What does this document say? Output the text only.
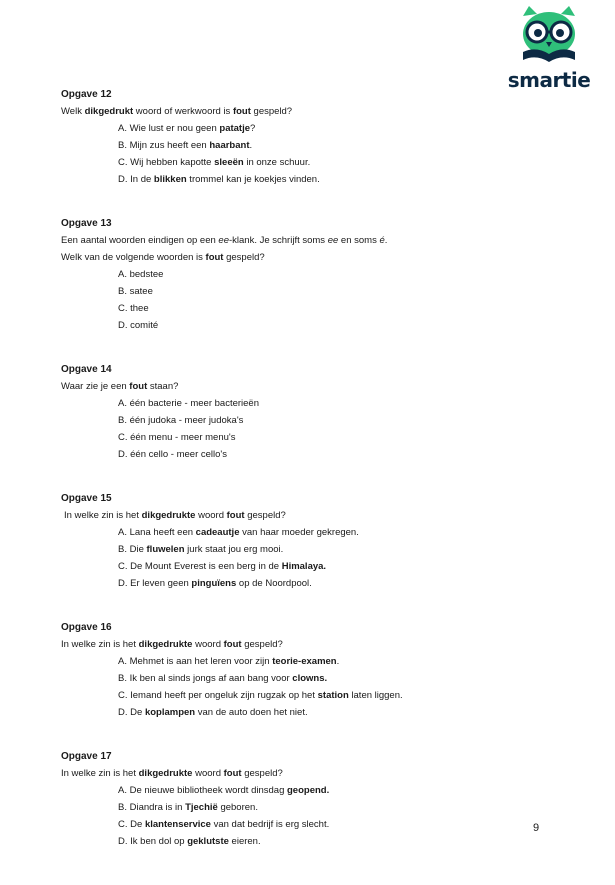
smartie
Opgave 12
Welk dikgedrukt woord of werkwoord is fout gespeld?
A. Wie lust er nou geen patatje?
B. Mijn zus heeft een haarbant.
C. Wij hebben kapotte sleeën in onze schuur.
D. In de blikken trommel kan je koekjes vinden.
Opgave 13
Een aantal woorden eindigen op een ee-klank. Je schrijft soms ee en soms é.
Welk van de volgende woorden is fout gespeld?
A. bedstee
B. satee
C. thee
D. comité
Opgave 14
Waar zie je een fout staan?
A. één bacterie - meer bacterieën
B. één judoka - meer judoka's
C. één menu - meer menu's
D. één cello - meer cello's
Opgave 15
In welke zin is het dikgedrukte woord fout gespeld?
A. Lana heeft een cadeautje van haar moeder gekregen.
B. Die fluwelen jurk staat jou erg mooi.
C. De Mount Everest is een berg in de Himalaya.
D. Er leven geen pinguïens op de Noordpool.
Opgave 16
In welke zin is het dikgedrukte woord fout gespeld?
A. Mehmet is aan het leren voor zijn teorie-examen.
B. Ik ben al sinds jongs af aan bang voor clowns.
C. Iemand heeft per ongeluk zijn rugzak op het station laten liggen.
D. De koplampen van de auto doen het niet.
Opgave 17
In welke zin is het dikgedrukte woord fout gespeld?
A. De nieuwe bibliotheek wordt dinsdag geopend.
B. Diandra is in Tjechië geboren.
C. De klantenservice van dat bedrijf is erg slecht.
D. Ik ben dol op geklutste eieren.
9
